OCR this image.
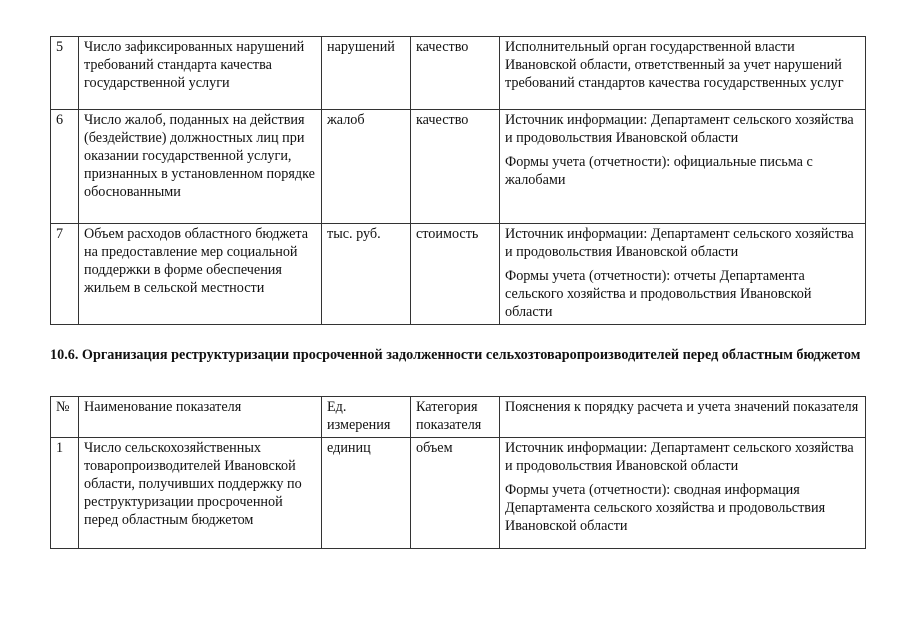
5	Число зафиксированных нарушений требований стандарта качества государственной услуги	нарушений	качество	Исполнительный орган государственной власти Ивановской области, ответственный за учет нарушений требований стандартов качества государственных услуг

6	Число жалоб, поданных на действия (бездействие) должностных лиц при оказании государственной услуги, признанных в установленном порядке обоснованными	жалоб	качество	Источник информации: Департамент сельского хозяйства и продовольствия Ивановской области

Формы учета (отчетности): официальные письма с жалобами

7	Объем расходов областного бюджета на предоставление мер социальной поддержки в форме обеспечения жильем в сельской местности	тыс. руб.	стоимость	Источник информации: Департамент сельского хозяйства и продовольствия Ивановской области

Формы учета (отчетности): отчеты Департамента сельского хозяйства и продовольствия Ивановской области

10.6. Организация реструктуризации просроченной задолженности сельхозтоваропроизводителей перед областным бюджетом

№	Наименование показателя	Ед. измерения	Категория показателя	Пояснения к порядку расчета и учета значений показателя
1	Число сельскохозяйственных товаропроизводителей Ивановской области, получивших поддержку по реструктуризации просроченной перед областным бюджетом	единиц	объем	Источник информации: Департамент сельского хозяйства и продовольствия Ивановской области

Формы учета (отчетности): сводная информация Департамента сельского хозяйства и продовольствия Ивановской области
